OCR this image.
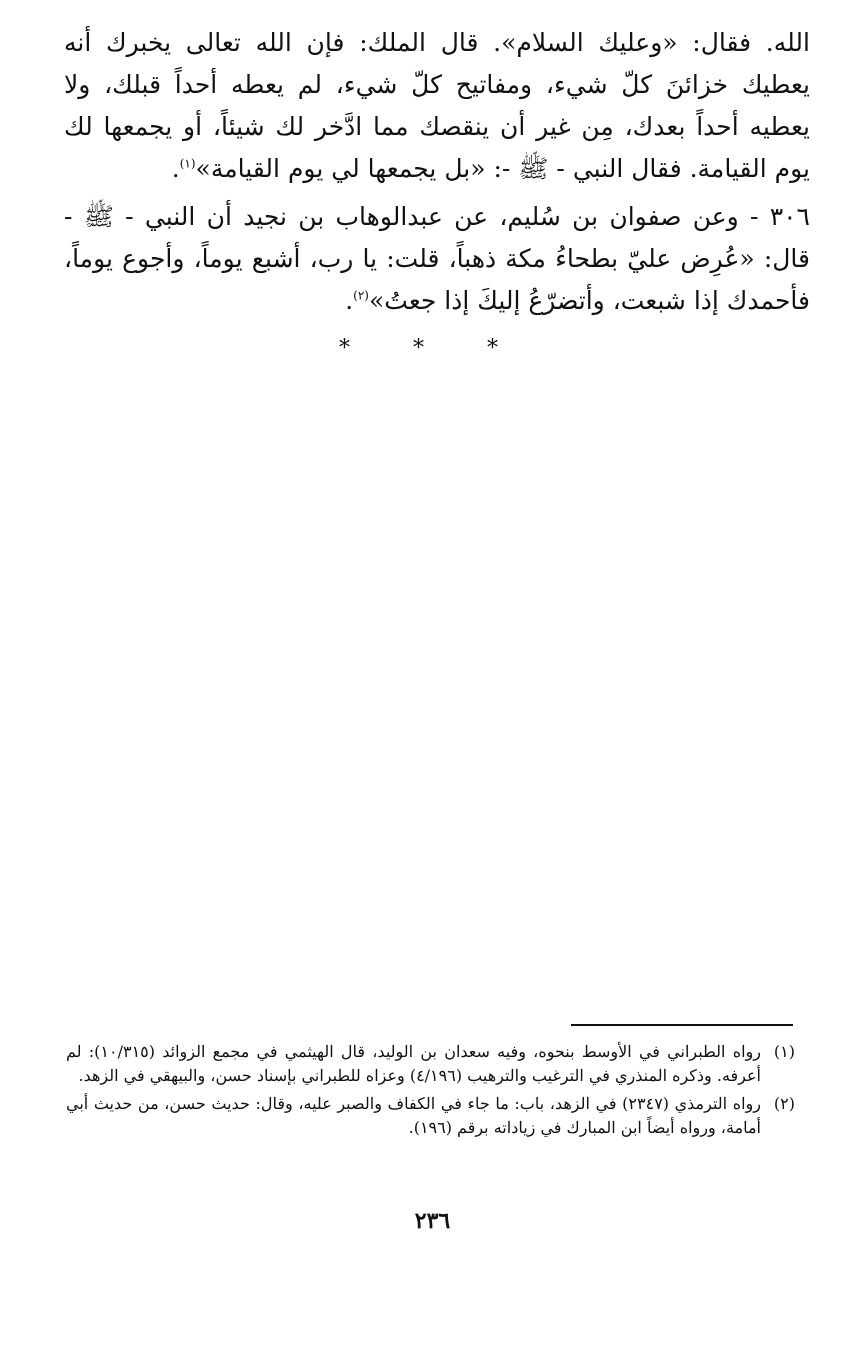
الله. فقال: «وعليك السلام». قال الملك: فإن الله تعالى يخبرك أنه يعطيك خزائنَ كلّ شيء، ومفاتيح كلّ شيء، لم يعطه أحداً قبلك، ولا يعطيه أحداً بعدك، مِن غير أن ينقصك مما ادَّخر لك شيئاً، أو يجمعها لك يوم القيامة. فقال النبي - ﷺ -: «بل يجمعها لي يوم القيامة»$^{(١)}$.

٣٠٦ - وعن صفوان بن سُليم، عن عبدالوهاب بن نجيد أن النبي - ﷺ - قال: «عُرِض عليّ بطحاءُ مكة ذهباً، قلت: يا رب، أشبع يوماً، وأجوع يوماً، فأحمدك إذا شبعت، وأتضرّعُ إليكَ إذا جعتُ»$^{(٢)}$.

* * *
(١)
رواه الطبراني في الأوسط بنحوه، وفيه سعدان بن الوليد، قال الهيثمي في مجمع الزوائد (١٠/٣١٥): لم أعرفه. وذكره المنذري في الترغيب والترهيب (٤/١٩٦) وعزاه للطبراني بإسناد حسن، والبيهقي في الزهد.
(٢)
رواه الترمذي (٢٣٤٧) في الزهد، باب: ما جاء في الكفاف والصبر عليه، وقال: حديث حسن، من حديث أبي أمامة، ورواه أيضاً ابن المبارك في زياداته برقم (١٩٦).
٢٣٦
